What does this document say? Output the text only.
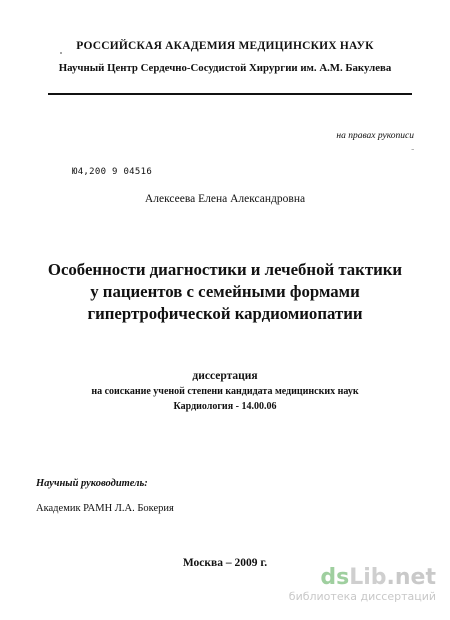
РОССИЙСКАЯ АКАДЕМИЯ МЕДИЦИНСКИХ НАУК
Научный Центр Сердечно-Сосудистой Хирургии им. А.М. Бакулева
на правах рукописи
ˉ
Ю4,200 9 04516
Алексеева Елена Александровна
Особенности диагностики и лечебной тактики
у пациентов с семейными формами
гипертрофической кардиомиопатии
диссертация
на соискание ученой степени кандидата медицинских наук
Кардиология - 14.00.06
Научный руководитель:
Академик РАМН Л.А. Бокерия
Москва – 2009 г.
dsLib.net
библиотека диссертаций
